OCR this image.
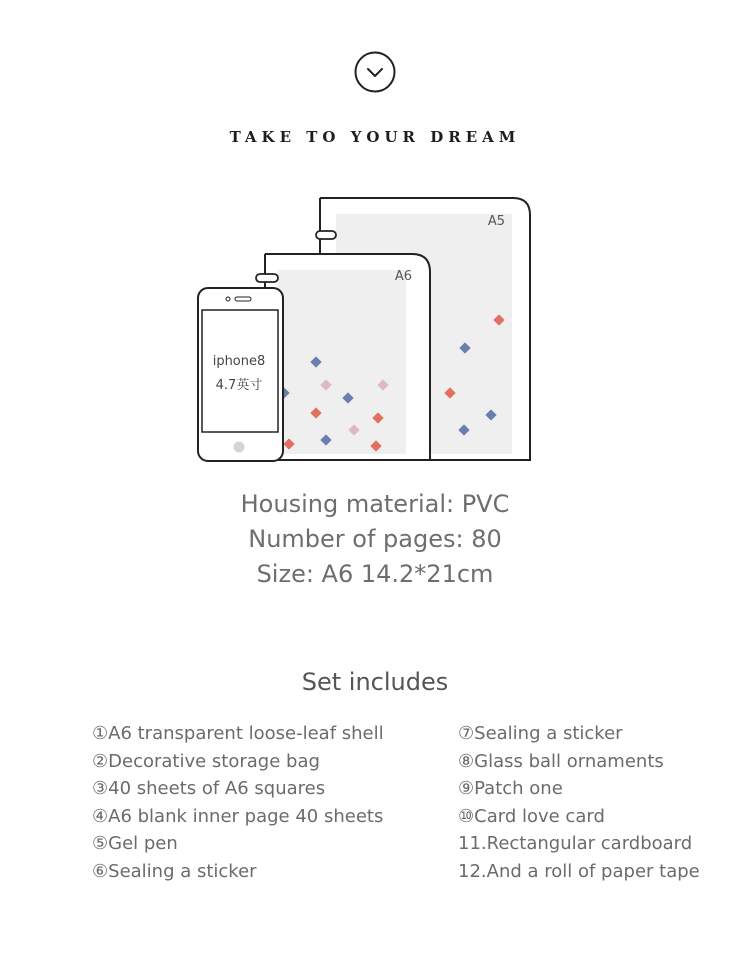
TAKE TO YOUR DREAM
A5
A6
iphone8
4.7英寸
Housing material: PVC
Number of pages: 80
Size: A6 14.2*21cm
Set includes
①A6 transparent loose-leaf shell
②Decorative storage bag
③40 sheets of A6 squares
④A6 blank inner page 40 sheets
⑤Gel pen
⑥Sealing a sticker
⑦Sealing a sticker
⑧Glass ball ornaments
⑨Patch one
⑩Card love card
11.Rectangular cardboard
12.And a roll of paper tape
